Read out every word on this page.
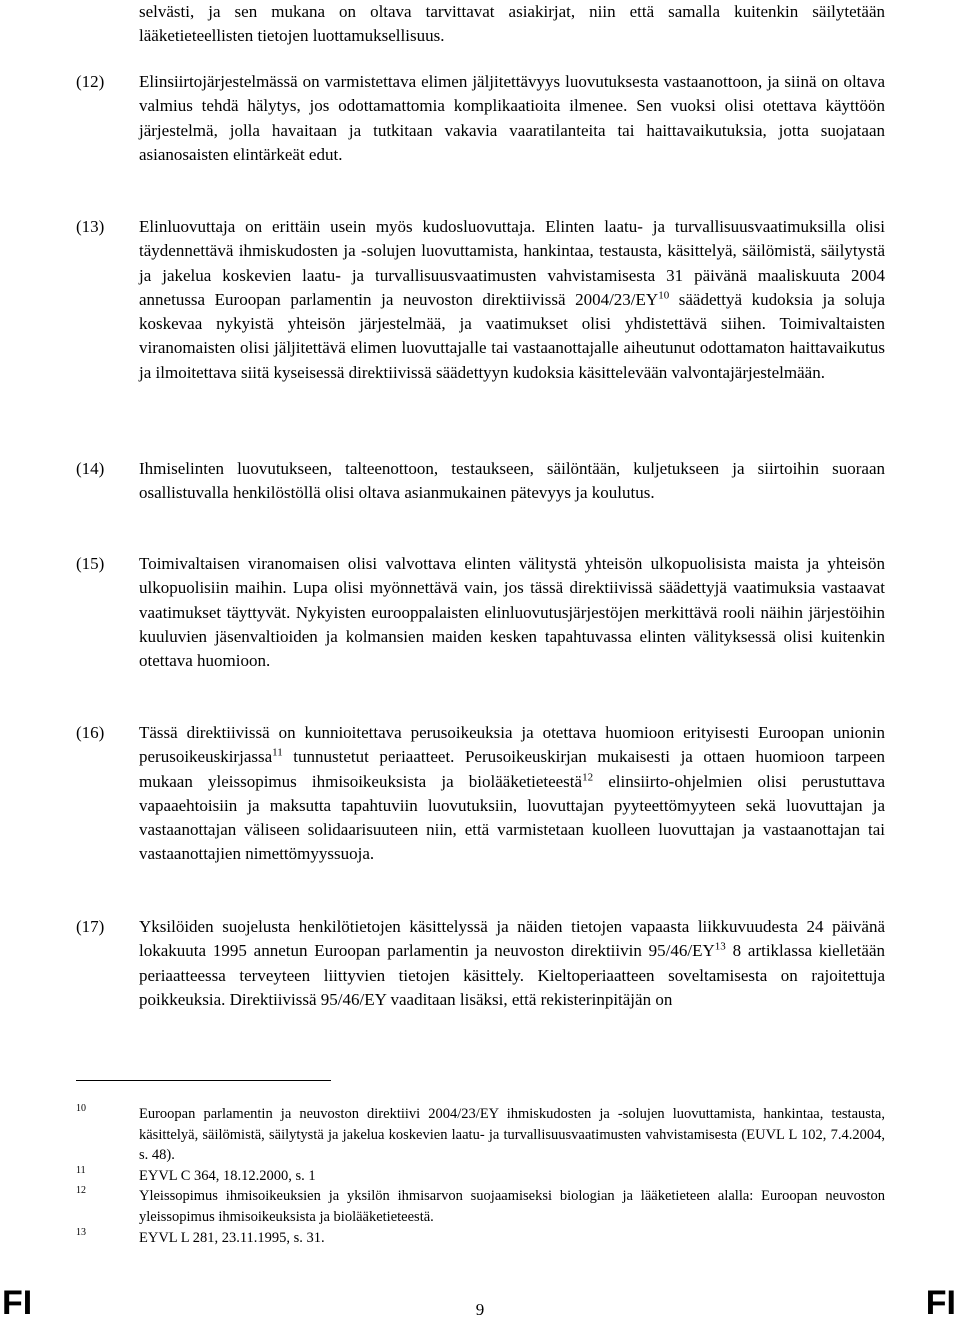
selvästi, ja sen mukana on oltava tarvittavat asiakirjat, niin että samalla kuitenkin säilytetään lääketieteellisten tietojen luottamuksellisuus.
(12) Elinsiirtojärjestelmässä on varmistettava elimen jäljitettävyys luovutuksesta vastaanottoon, ja siinä on oltava valmius tehdä hälytys, jos odottamattomia komplikaatioita ilmenee. Sen vuoksi olisi otettava käyttöön järjestelmä, jolla havaitaan ja tutkitaan vakavia vaaratilanteita tai haittavaikutuksia, jotta suojataan asianosaisten elintärkeät edut.
(13) Elinluovuttaja on erittäin usein myös kudosluovuttaja. Elinten laatu- ja turvallisuusvaatimuksilla olisi täydennettävä ihmiskudosten ja -solujen luovuttamista, hankintaa, testausta, käsittelyä, säilömistä, säilytystä ja jakelua koskevien laatu- ja turvallisuusvaatimusten vahvistamisesta 31 päivänä maaliskuuta 2004 annetussa Euroopan parlamentin ja neuvoston direktiivissä 2004/23/EY$^{10}$ säädettyä kudoksia ja soluja koskevaa nykyistä yhteisön järjestelmää, ja vaatimukset olisi yhdistettävä siihen. Toimivaltaisten viranomaisten olisi jäljitettävä elimen luovuttajalle tai vastaanottajalle aiheutunut odottamaton haittavaikutus ja ilmoitettava siitä kyseisessä direktiivissä säädettyyn kudoksia käsittelevään valvontajärjestelmään.
(14) Ihmiselinten luovutukseen, talteenottoon, testaukseen, säilöntään, kuljetukseen ja siirtoihin suoraan osallistuvalla henkilöstöllä olisi oltava asianmukainen pätevyys ja koulutus.
(15) Toimivaltaisen viranomaisen olisi valvottava elinten välitystä yhteisön ulkopuolisista maista ja yhteisön ulkopuolisiin maihin. Lupa olisi myönnettävä vain, jos tässä direktiivissä säädettyjä vaatimuksia vastaavat vaatimukset täyttyvät. Nykyisten eurooppalaisten elinluovutusjärjestöjen merkittävä rooli näihin järjestöihin kuuluvien jäsenvaltioiden ja kolmansien maiden kesken tapahtuvassa elinten välityksessä olisi kuitenkin otettava huomioon.
(16) Tässä direktiivissä on kunnioitettava perusoikeuksia ja otettava huomioon erityisesti Euroopan unionin perusoikeuskirjassa$^{11}$ tunnustetut periaatteet. Perusoikeuskirjan mukaisesti ja ottaen huomioon tarpeen mukaan yleissopimus ihmisoikeuksista ja biolääketieteestä$^{12}$ elinsiirto-ohjelmien olisi perustuttava vapaaehtoisiin ja maksutta tapahtuviin luovutuksiin, luovuttajan pyyteettömyyteen sekä luovuttajan ja vastaanottajan väliseen solidaarisuuteen niin, että varmistetaan kuolleen luovuttajan ja vastaanottajan tai vastaanottajien nimettömyyssuoja.
(17) Yksilöiden suojelusta henkilötietojen käsittelyssä ja näiden tietojen vapaasta liikkuvuudesta 24 päivänä lokakuuta 1995 annetun Euroopan parlamentin ja neuvoston direktiivin 95/46/EY$^{13}$ 8 artiklassa kielletään periaatteessa terveyteen liittyvien tietojen käsittely. Kieltoperiaatteen soveltamisesta on rajoitettuja poikkeuksia. Direktiivissä 95/46/EY vaaditaan lisäksi, että rekisterinpitäjän on
10	Euroopan parlamentin ja neuvoston direktiivi 2004/23/EY ihmiskudosten ja -solujen luovuttamista, hankintaa, testausta, käsittelyä, säilömistä, säilytystä ja jakelua koskevien laatu- ja turvallisuusvaatimusten vahvistamisesta (EUVL L 102, 7.4.2004, s. 48).
11	EYVL C 364, 18.12.2000, s. 1
12	Yleissopimus ihmisoikeuksien ja yksilön ihmisarvon suojaamiseksi biologian ja lääketieteen alalla: Euroopan neuvoston yleissopimus ihmisoikeuksista ja biolääketieteestä.
13	EYVL L 281, 23.11.1995, s. 31.
FI	9	FI
